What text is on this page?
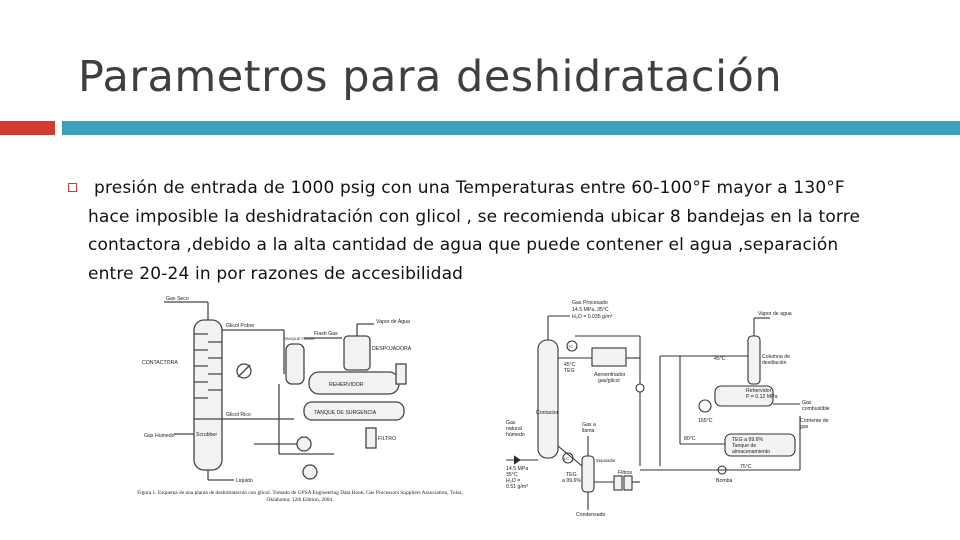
Parametros para deshidratación
presión de entrada de 1000 psig con una Temperaturas entre 60-100°F mayor a 130°F hace imposible la deshidratación con glicol , se recomienda ubicar 8 bandejas en la torre contactora ,debido a la alta cantidad de agua que puede contener el agua ,separación entre 20-24 in por razones de accesibilidad
Gas Seco
Glicol Pobre
Flash Gas
Vapor de Agua
DESPOJADORA
CONTACTORA
TANQUE FLASH
REHERVIDOR
TANQUE DE SURGENCIA
Glicol Rico
Gas Humedo	Scrubber
FILTRO
Liquido
Figura 1. Esquema de una planta de deshidratación con glicol. Tomado de GPSA Engineering Data Book, Gas Processors Suppliers Association, Tulsa, Oklahoma; 12th Edition, 2004.
Gas Procesado
14.5 MPa, 35°C
H₂O = 0.035 g/m³	Vapor de agua
45°C
TEG
Aeroenfriador
gas/glicol
Columna de
destilación
45°C
Rehervidor
P = 0.12 MPa
Contactor
165°C
Gas
combustible
Corriente de
gas
80°C	TEG a 99.6%
Tanque de
almacenamiento
75°C
Gas
natural
húmedo
14.5 MPa
35°C
H₂O =
0.51 g/m³
Gas a
llama
Separador
Filtros
TEG
a 99.6%	Bomba
Condensado
TC
LC
